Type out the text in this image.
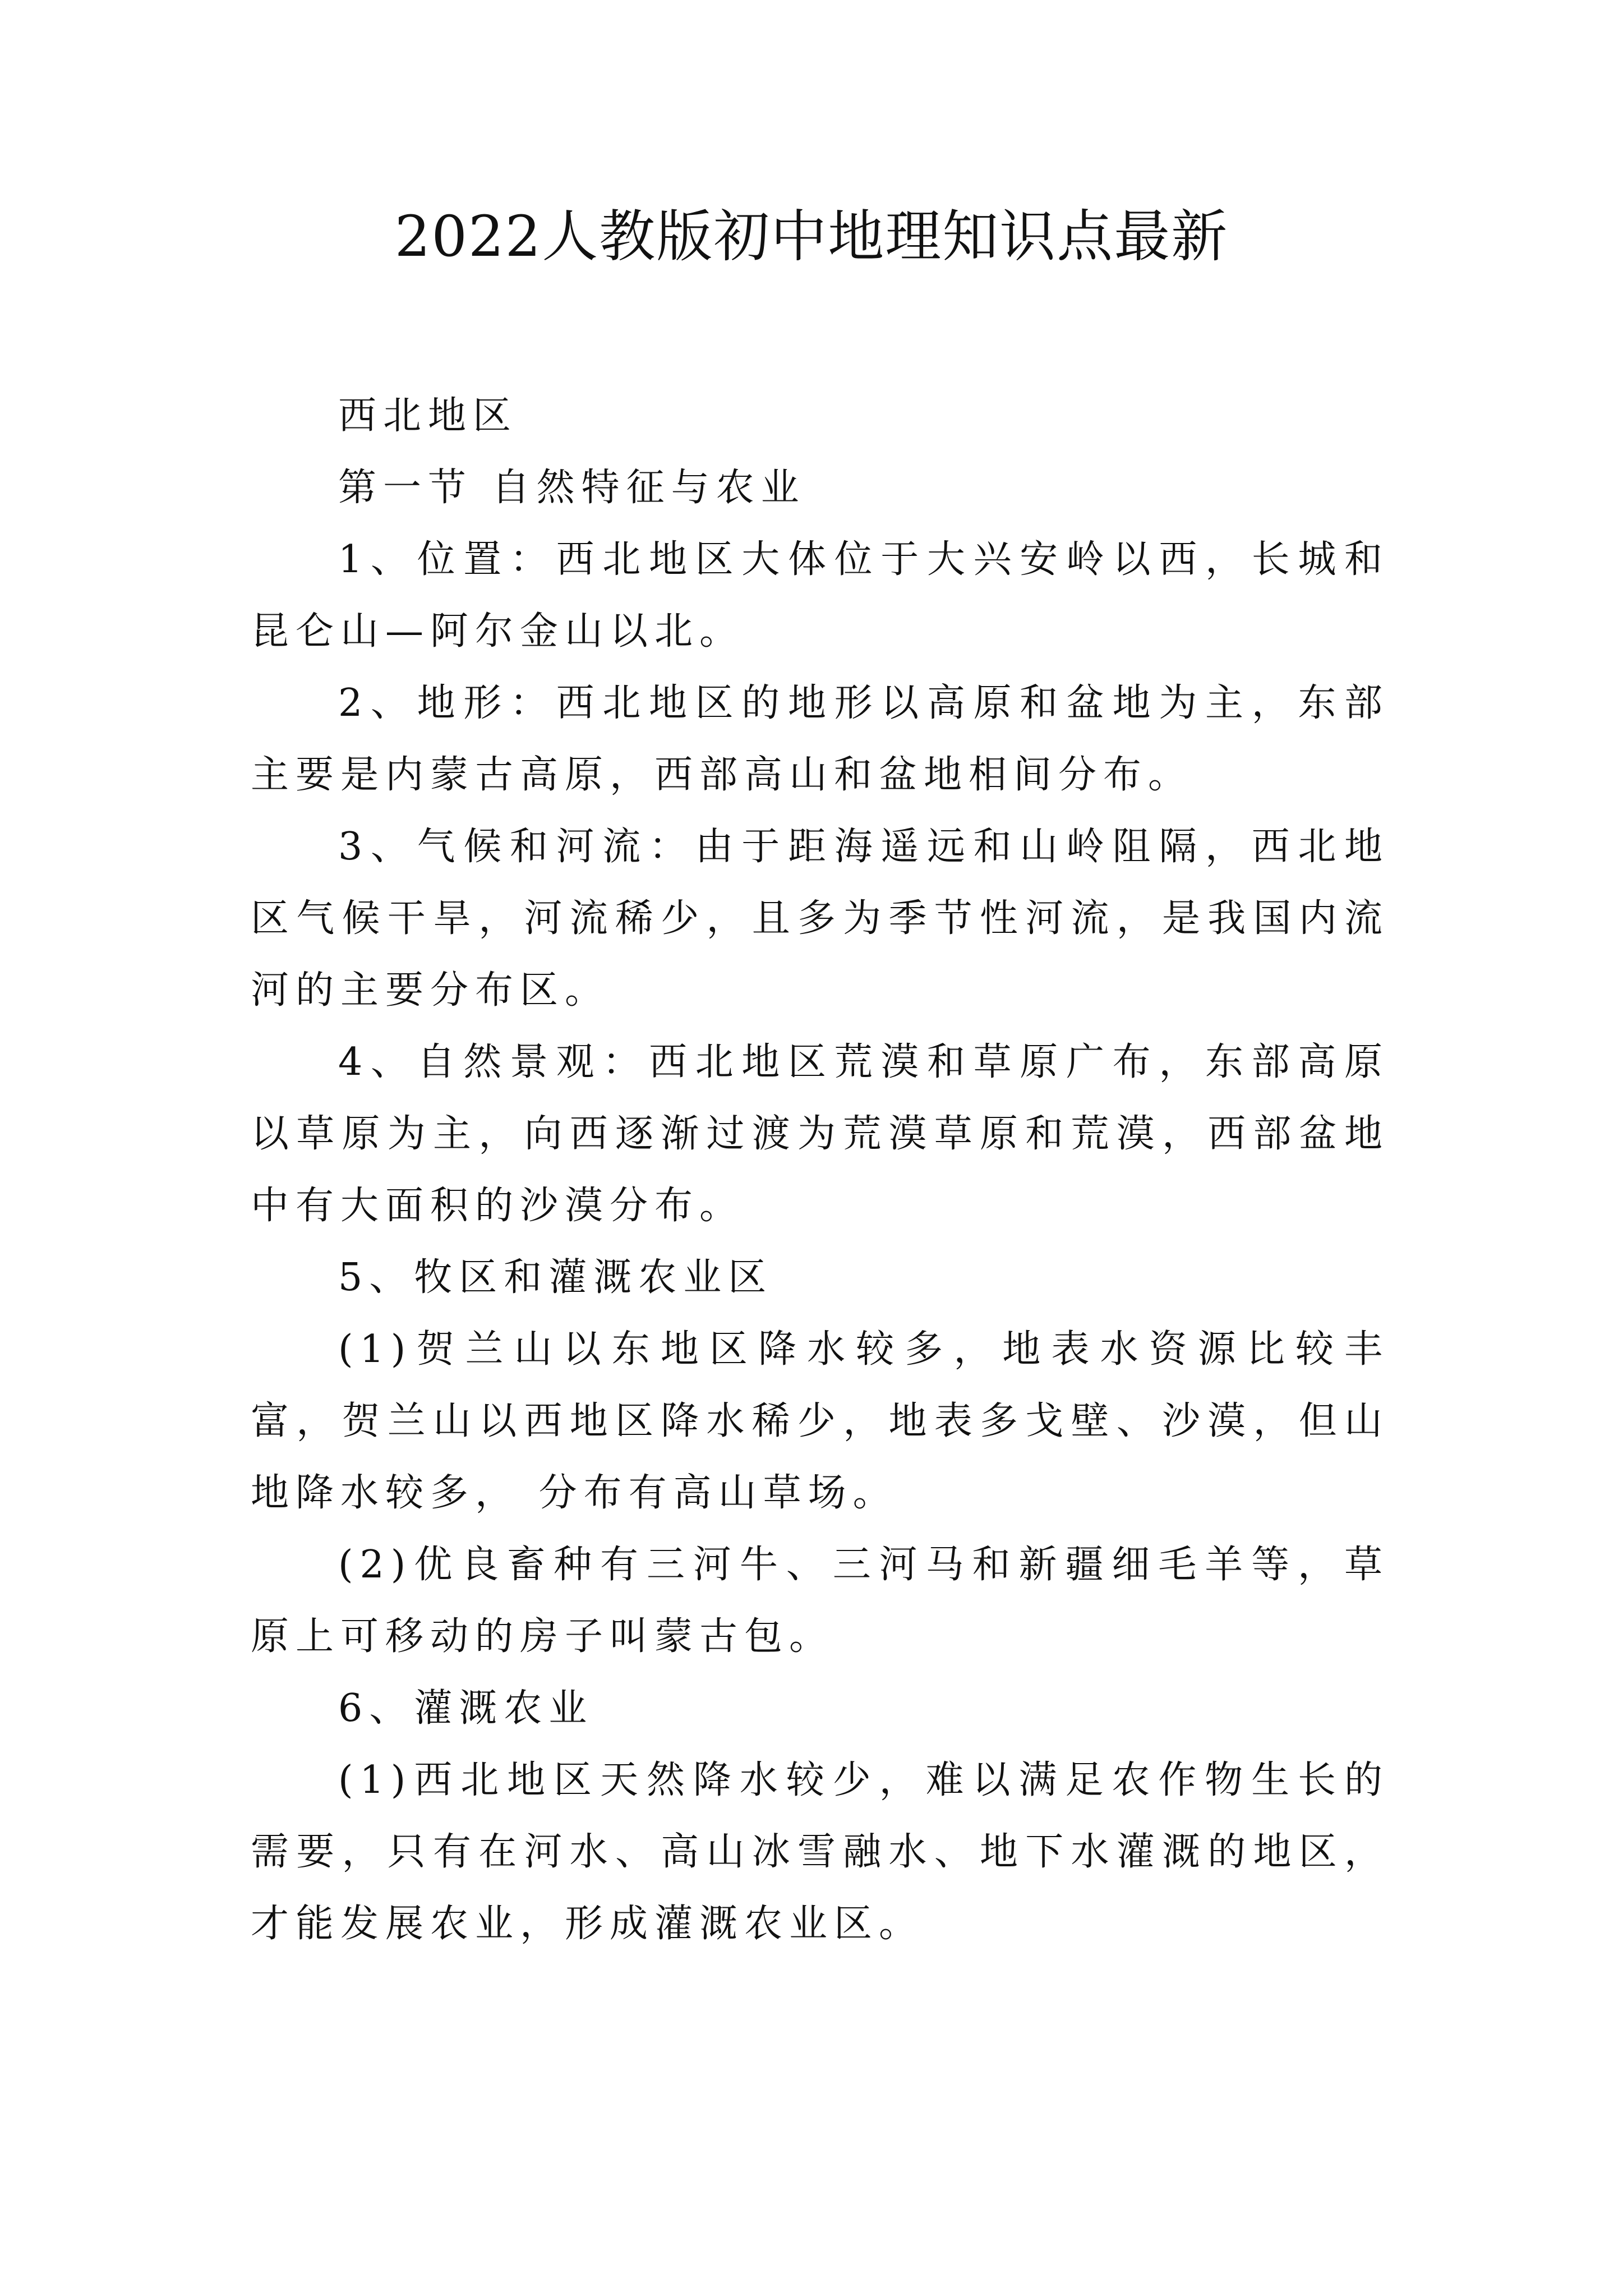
2022人教版初中地理知识点最新

西北地区

第一节 自然特征与农业

1、位置：西北地区大体位于大兴安岭以西，长城和昆仑山—阿尔金山以北。

2、地形：西北地区的地形以高原和盆地为主，东部主要是内蒙古高原，西部高山和盆地相间分布。

3、气候和河流：由于距海遥远和山岭阻隔，西北地区气候干旱，河流稀少，且多为季节性河流，是我国内流河的主要分布区。

4、自然景观：西北地区荒漠和草原广布，东部高原以草原为主，向西逐渐过渡为荒漠草原和荒漠，西部盆地中有大面积的沙漠分布。

5、牧区和灌溉农业区

(1)贺兰山以东地区降水较多，地表水资源比较丰富，贺兰山以西地区降水稀少，地表多戈壁、沙漠，但山地降水较多， 分布有高山草场。

(2)优良畜种有三河牛、三河马和新疆细毛羊等，草原上可移动的房子叫蒙古包。

6、灌溉农业

(1)西北地区天然降水较少，难以满足农作物生长的需要，只有在河水、高山冰雪融水、地下水灌溉的地区，才能发展农业，形成灌溉农业区。
